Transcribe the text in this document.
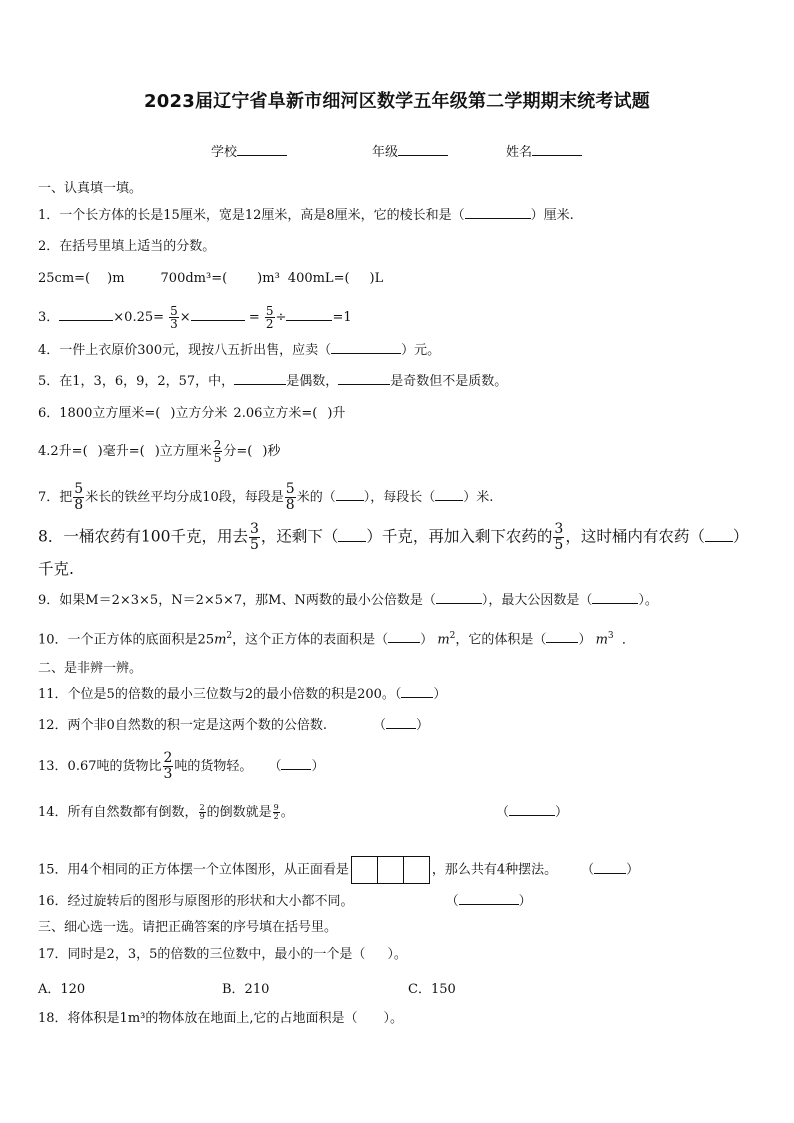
2023届辽宁省阜新市细河区数学五年级第二学期期末统考试题
学校	年级	姓名
一、认真填一填。
1．一个长方体的长是15厘米，宽是12厘米，高是8厘米，它的棱长和是（	）厘米.
2．在括号里填上适当的分数。
25cm=( )m	700dm³=( )m³ 400mL=( )L
3．	$\times 0.25= \frac{5}{3}$ ×	= $\frac{5}{2}$ ÷	=1
4．一件上衣原价300元，现按八五折出售，应卖（	）元。
5．在1，3，6，9，2，57，中，	是偶数，	是奇数但不是质数。
6．1800立方厘米=( )立方分米 2.06立方米=( )升
4.2升=( )毫升=( )立方厘米 $\frac{2}{5}$ 分=( )秒
7．把 $\frac{5}{8}$ 米长的铁丝平均分成10段，每段是 $\frac{5}{8}$ 米的（ ），每段长（ ）米.
8．一桶农药有100千克，用去 $\frac{3}{5}$ ，还剩下（ ）千克，再加入剩下农药的 $\frac{3}{5}$ ，这时桶内有农药（ ）
千克.
9．如果M＝2×3×5，N＝2×5×7，那M、N两数的最小公倍数是（	），最大公因数是（	）。
10．一个正方体的底面积是$25m^2$，这个正方体的表面积是（ ） $m^2$，它的体积是（ ） $m^3$ ．
二、是非辨一辨。
11．个位是5的倍数的最小三位数与2的最小倍数的积是200。（ ）
12．两个非0自然数的积一定是这两个数的公倍数.	（ ）
13．0.67吨的货物比 $\frac{2}{3}$ 吨的货物轻。 （ ）
14．所有自然数都有倒数， $\frac{2}{9}$ 的倒数就是 $\frac{9}{2}$ 。	（	）
15．用4个相同的正方体摆一个立体图形，从正面看是	，那么共有4种摆法。 （ ）
16．经过旋转后的图形与原图形的形状和大小都不同。	（	）
三、细心选一选。请把正确答案的序号填在括号里。
17．同时是2，3，5的倍数的三位数中，最小的一个是（ ）。
A．120	B．210	C．150
18．将体积是1m³的物体放在地面上,它的占地面积是（ ）。
